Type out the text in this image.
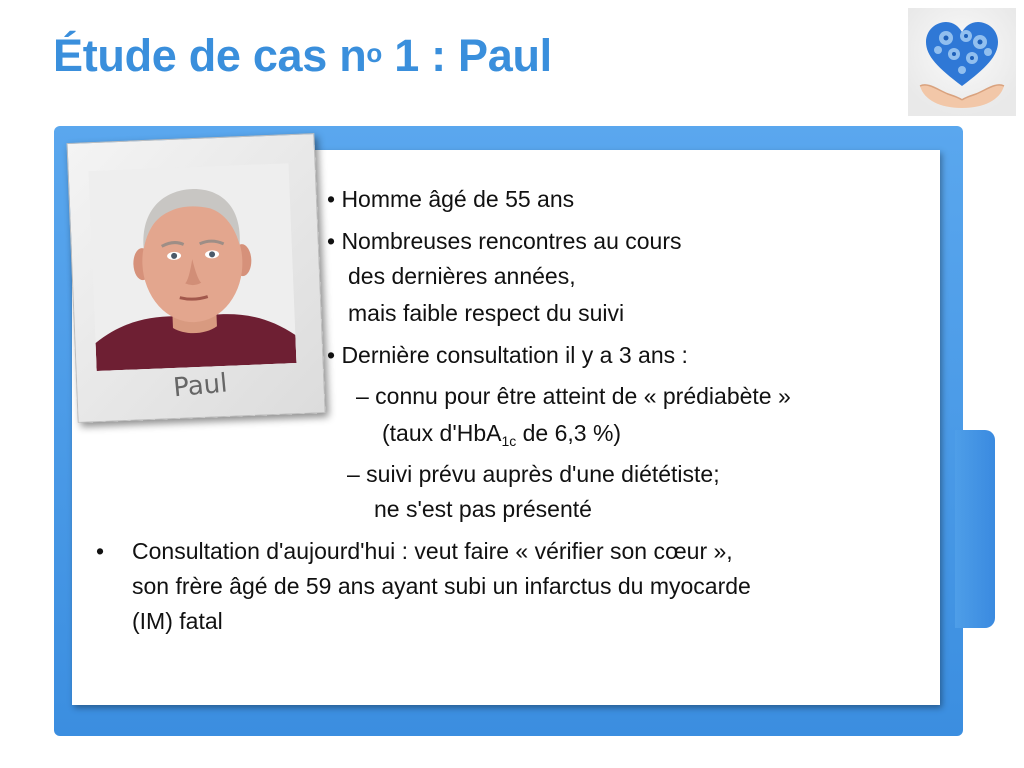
Étude de cas $n^o$ 1 : Paul
Paul
• Homme âgé de 55 ans
• Nombreuses rencontres au cours
des dernières années,
mais faible respect du suivi
• Dernière consultation il y a 3 ans :
– connu pour être atteint de « prédiabète »
(taux d'HbA$_{1c}$ de 6,3 %)
– suivi prévu auprès d'une diététiste;
ne s'est pas présenté
• Consultation d'aujourd'hui : veut faire « vérifier son cœur »,
son frère âgé de 59 ans ayant subi un infarctus du myocarde
(IM) fatal
